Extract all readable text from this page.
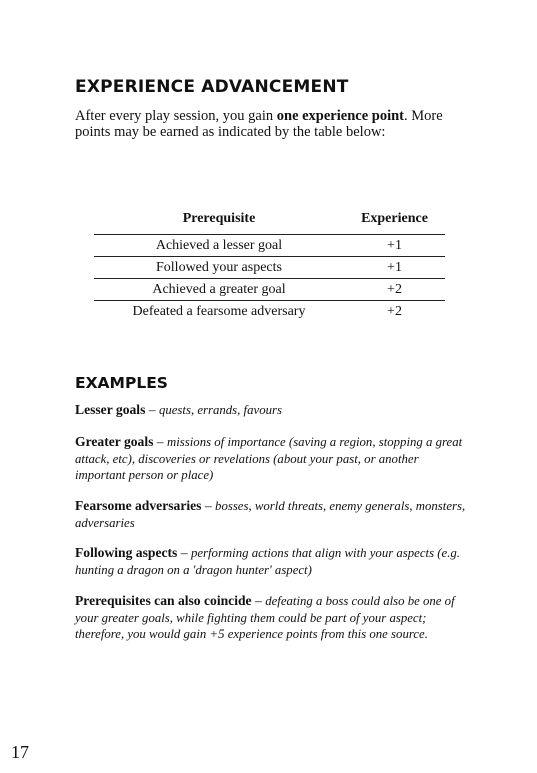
EXPERIENCE ADVANCEMENT

After every play session, you gain one experience point. More points may be earned as indicated by the table below:

Prerequisite	Experience
Achieved a lesser goal	+1
Followed your aspects	+1
Achieved a greater goal	+2
Defeated a fearsome adversary	+2
EXAMPLES

Lesser goals – quests, errands, favours

Greater goals – missions of importance (saving a region, stopping a great attack, etc), discoveries or revelations (about your past, or another important person or place)

Fearsome adversaries – bosses, world threats, enemy generals, monsters, adversaries

Following aspects – performing actions that align with your aspects (e.g. hunting a dragon on a 'dragon hunter' aspect)

Prerequisites can also coincide – defeating a boss could also be one of your greater goals, while fighting them could be part of your aspect; therefore, you would gain +5 experience points from this one source.

17
